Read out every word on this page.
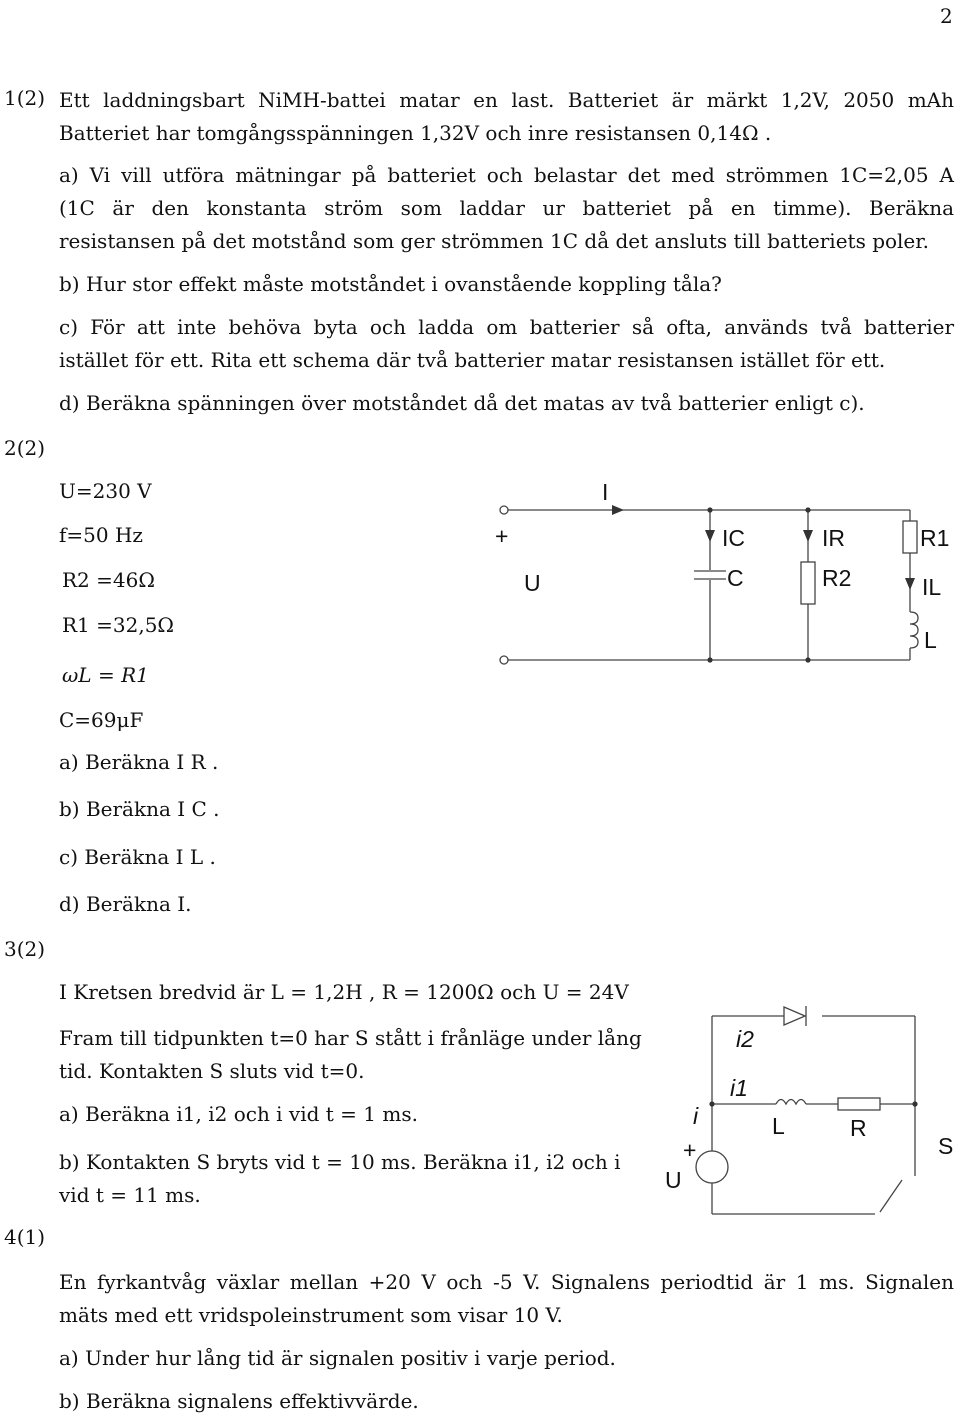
2
1(2) Ett laddningsbart NiMH-battei matar en last. Batteriet är märkt 1,2V, 2050 mAh
Batteriet har tomgångsspänningen 1,32V och inre resistansen 0,14Ω .
a) Vi vill utföra mätningar på batteriet och belastar det med strömmen 1C=2,05 A
(1C är den konstanta ström som laddar ur batteriet på en timme). Beräkna
resistansen på det motstånd som ger strömmen 1C då det ansluts till batteriets poler.
b) Hur stor effekt måste motståndet i ovanstående koppling tåla?
c) För att inte behöva byta och ladda om batterier så ofta, används två batterier
istället för ett. Rita ett schema där två batterier matar resistansen istället för ett.
d) Beräkna spänningen över motståndet då det matas av två batterier enligt c).
2(2)
U=230 V
f=50 Hz
R2 =46Ω
R1 =32,5Ω
ωL = R1
C=69μF
a) Beräkna I R .
b) Beräkna I C .
c) Beräkna I L .
d) Beräkna I.
I
+
U
IC
C
IR
R2
R1
IL
L
i2
i1
i	L	R
S
+
U
3(2)
I Kretsen bredvid är L = 1,2H , R = 1200Ω och U = 24V
Fram till tidpunkten t=0 har S stått i frånläge under lång
tid. Kontakten S sluts vid t=0.
a) Beräkna i1, i2 och i vid t = 1 ms.
b) Kontakten S bryts vid t = 10 ms. Beräkna i1, i2 och i
vid t = 11 ms.
4(1)
En fyrkantvåg växlar mellan +20 V och -5 V. Signalens periodtid är 1 ms. Signalen
mäts med ett vridspoleinstrument som visar 10 V.
a) Under hur lång tid är signalen positiv i varje period.
b) Beräkna signalens effektivvärde.
